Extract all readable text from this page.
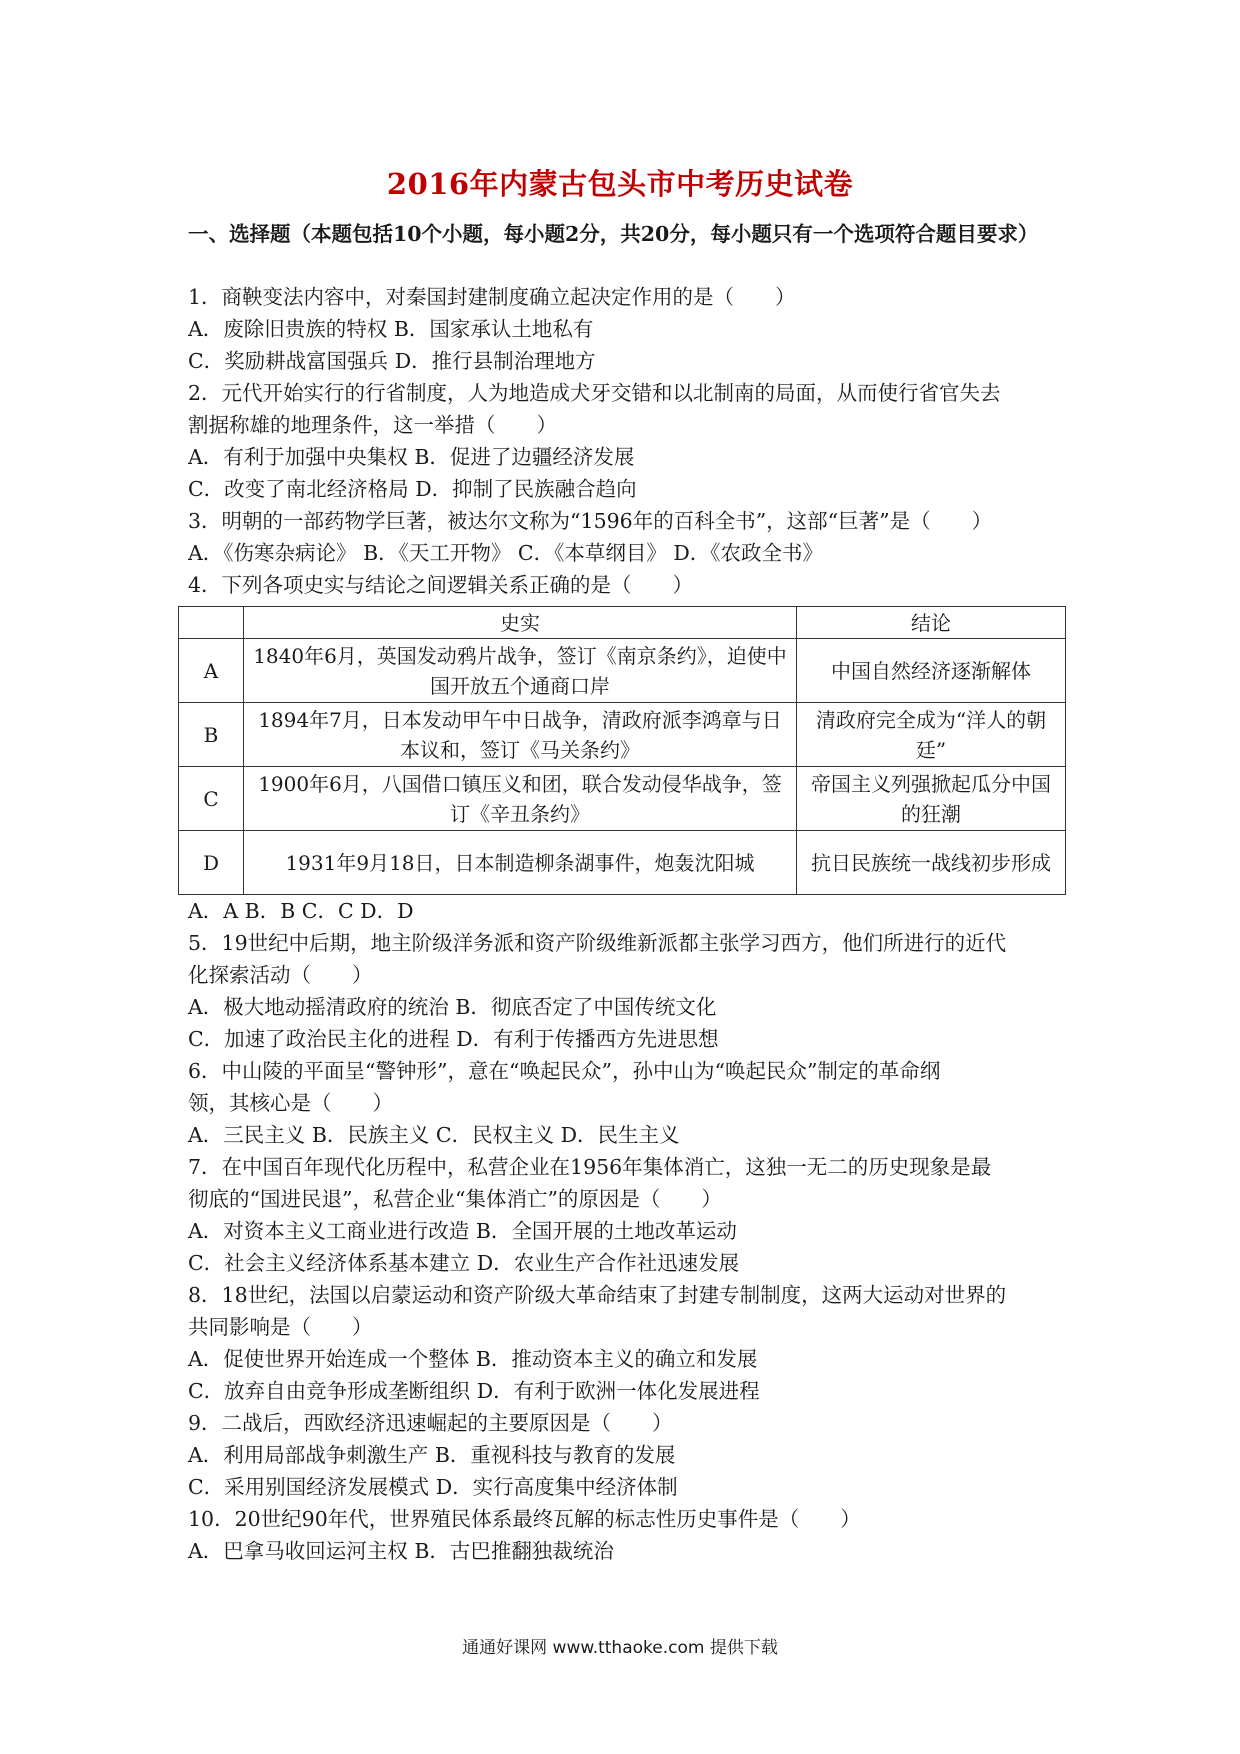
2016年内蒙古包头市中考历史试卷
一、选择题（本题包括10个小题，每小题2分，共20分，每小题只有一个选项符合题目要求）
1．商鞅变法内容中，对秦国封建制度确立起决定作用的是（　　）
A．废除旧贵族的特权 B．国家承认土地私有
C．奖励耕战富国强兵 D．推行县制治理地方
2．元代开始实行的行省制度，人为地造成犬牙交错和以北制南的局面，从而使行省官失去
割据称雄的地理条件，这一举措（　　）
A．有利于加强中央集权 B．促进了边疆经济发展
C．改变了南北经济格局 D．抑制了民族融合趋向
3．明朝的一部药物学巨著，被达尔文称为“1596年的百科全书”，这部“巨著”是（　　）
A．《伤寒杂病论》 B．《天工开物》 C．《本草纲目》 D．《农政全书》
4．下列各项史实与结论之间逻辑关系正确的是（　　）
	史实	结论
A	1840年6月，英国发动鸦片战争，签订《南京条约》，迫使中国开放五个通商口岸	中国自然经济逐渐解体
B	1894年7月，日本发动甲午中日战争，清政府派李鸿章与日本议和，签订《马关条约》	清政府完全成为“洋人的朝廷”
C	1900年6月，八国借口镇压义和团，联合发动侵华战争，签订《辛丑条约》	帝国主义列强掀起瓜分中国的狂潮
D	1931年9月18日，日本制造柳条湖事件，炮轰沈阳城	抗日民族统一战线初步形成
A．A B．B C．C D．D
5．19世纪中后期，地主阶级洋务派和资产阶级维新派都主张学习西方，他们所进行的近代
化探索活动（　　）
A．极大地动摇清政府的统治 B．彻底否定了中国传统文化
C．加速了政治民主化的进程 D．有利于传播西方先进思想
6．中山陵的平面呈“警钟形”，意在“唤起民众”，孙中山为“唤起民众”制定的革命纲
领，其核心是（　　）
A．三民主义 B．民族主义 C．民权主义 D．民生主义
7．在中国百年现代化历程中，私营企业在1956年集体消亡，这独一无二的历史现象是最
彻底的“国进民退”，私营企业“集体消亡”的原因是（　　）
A．对资本主义工商业进行改造 B．全国开展的土地改革运动
C．社会主义经济体系基本建立 D．农业生产合作社迅速发展
8．18世纪，法国以启蒙运动和资产阶级大革命结束了封建专制制度，这两大运动对世界的
共同影响是（　　）
A．促使世界开始连成一个整体 B．推动资本主义的确立和发展
C．放弃自由竞争形成垄断组织 D．有利于欧洲一体化发展进程
9．二战后，西欧经济迅速崛起的主要原因是（　　）
A．利用局部战争刺激生产 B．重视科技与教育的发展
C．采用别国经济发展模式 D．实行高度集中经济体制
10．20世纪90年代，世界殖民体系最终瓦解的标志性历史事件是（　　）
A．巴拿马收回运河主权 B．古巴推翻独裁统治
通通好课网 www.tthaoke.com 提供下载
